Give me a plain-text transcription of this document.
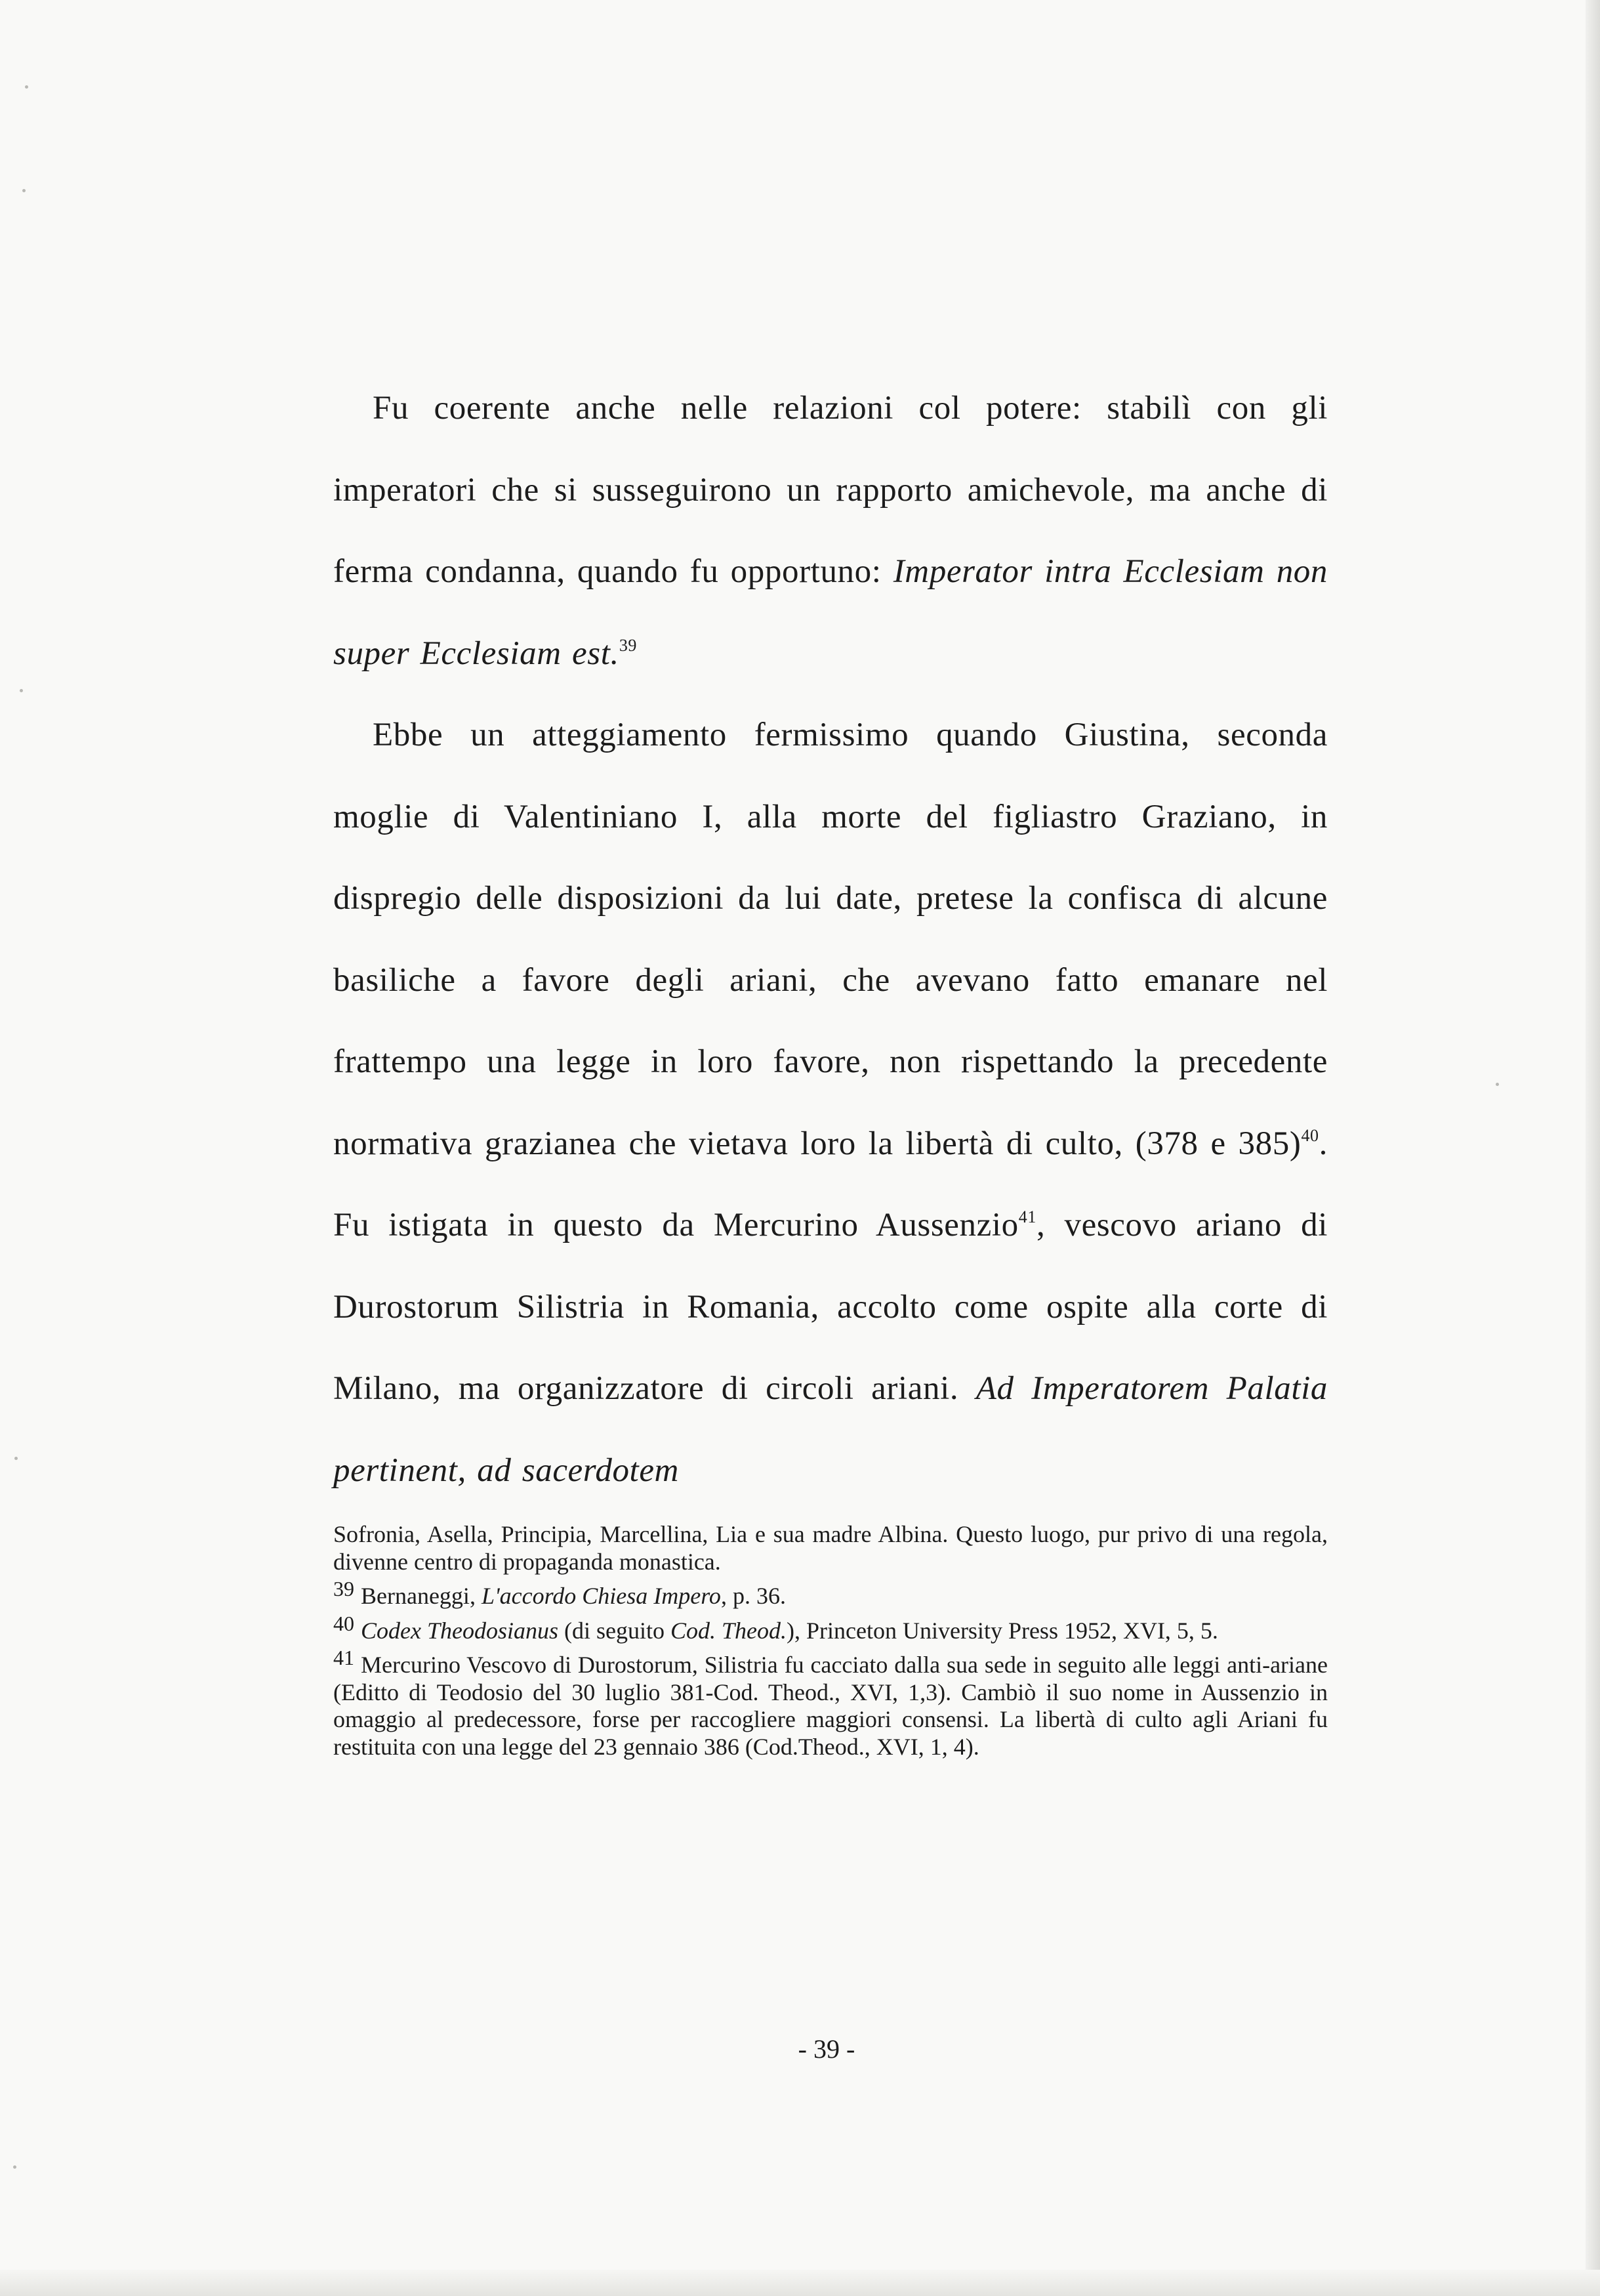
Fu coerente anche nelle relazioni col potere: stabilì con gli imperatori che si susseguirono un rapporto amichevole, ma anche di ferma condanna, quando fu opportuno: Imperator intra Ecclesiam non super Ecclesiam est.$^{39}$

Ebbe un atteggiamento fermissimo quando Giustina, seconda moglie di Valentiniano I, alla morte del figliastro Graziano, in dispregio delle disposizioni da lui date, pretese la confisca di alcune basiliche a favore degli ariani, che avevano fatto emanare nel frattempo una legge in loro favore, non rispettando la precedente normativa grazianea che vietava loro la libertà di culto, (378 e 385)$^{40}$. Fu istigata in questo da Mercurino Aussenzio$^{41}$, vescovo ariano di Durostorum Silistria in Romania, accolto come ospite alla corte di Milano, ma organizzatore di circoli ariani. Ad Imperatorem Palatia pertinent, ad sacerdotem

Sofronia, Asella, Principia, Marcellina, Lia e sua madre Albina. Questo luogo, pur privo di una regola, divenne centro di propaganda monastica.

39 Bernaneggi, L'accordo Chiesa Impero, p. 36.

40 Codex Theodosianus (di seguito Cod. Theod.), Princeton University Press 1952, XVI, 5, 5.

41 Mercurino Vescovo di Durostorum, Silistria fu cacciato dalla sua sede in seguito alle leggi anti-ariane (Editto di Teodosio del 30 luglio 381-Cod. Theod., XVI, 1,3). Cambiò il suo nome in Aussenzio in omaggio al predecessore, forse per raccogliere maggiori consensi. La libertà di culto agli Ariani fu restituita con una legge del 23 gennaio 386 (Cod.Theod., XVI, 1, 4).

- 39 -
